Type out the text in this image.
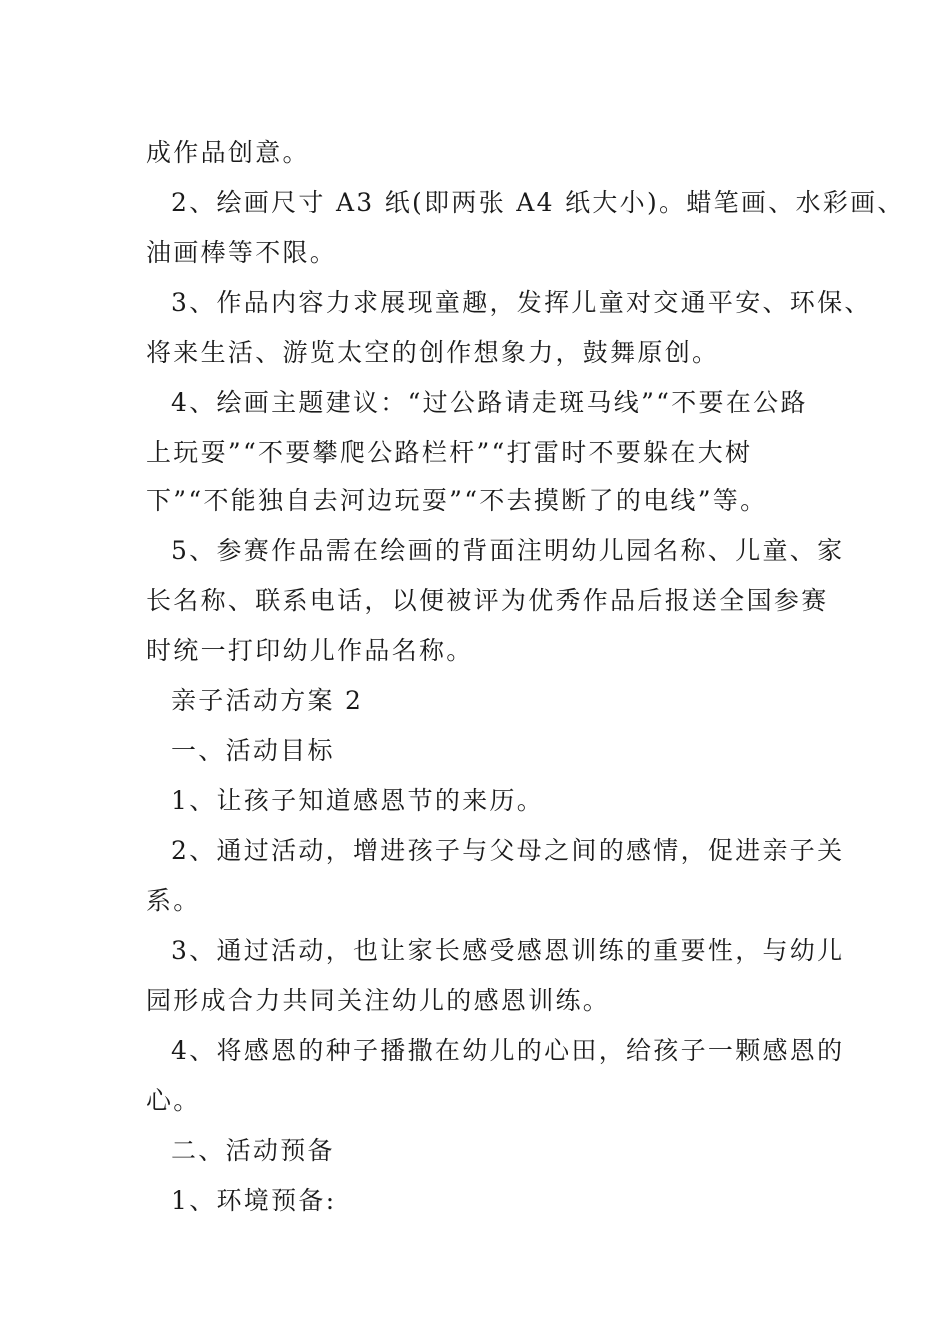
成作品创意。
2、绘画尺寸 A3 纸(即两张 A4 纸大小)。蜡笔画、水彩画、
油画棒等不限。
3、作品内容力求展现童趣，发挥儿童对交通平安、环保、
将来生活、游览太空的创作想象力，鼓舞原创。
4、绘画主题建议：“过公路请走斑马线”“不要在公路
上玩耍”“不要攀爬公路栏杆”“打雷时不要躲在大树
下”“不能独自去河边玩耍”“不去摸断了的电线”等。
5、参赛作品需在绘画的背面注明幼儿园名称、儿童、家
长名称、联系电话，以便被评为优秀作品后报送全国参赛
时统一打印幼儿作品名称。
亲子活动方案 2
一、活动目标
1、让孩子知道感恩节的来历。
2、通过活动，增进孩子与父母之间的感情，促进亲子关
系。
3、通过活动，也让家长感受感恩训练的重要性，与幼儿
园形成合力共同关注幼儿的感恩训练。
4、将感恩的种子播撒在幼儿的心田，给孩子一颗感恩的
心。
二、活动预备
1、环境预备:
